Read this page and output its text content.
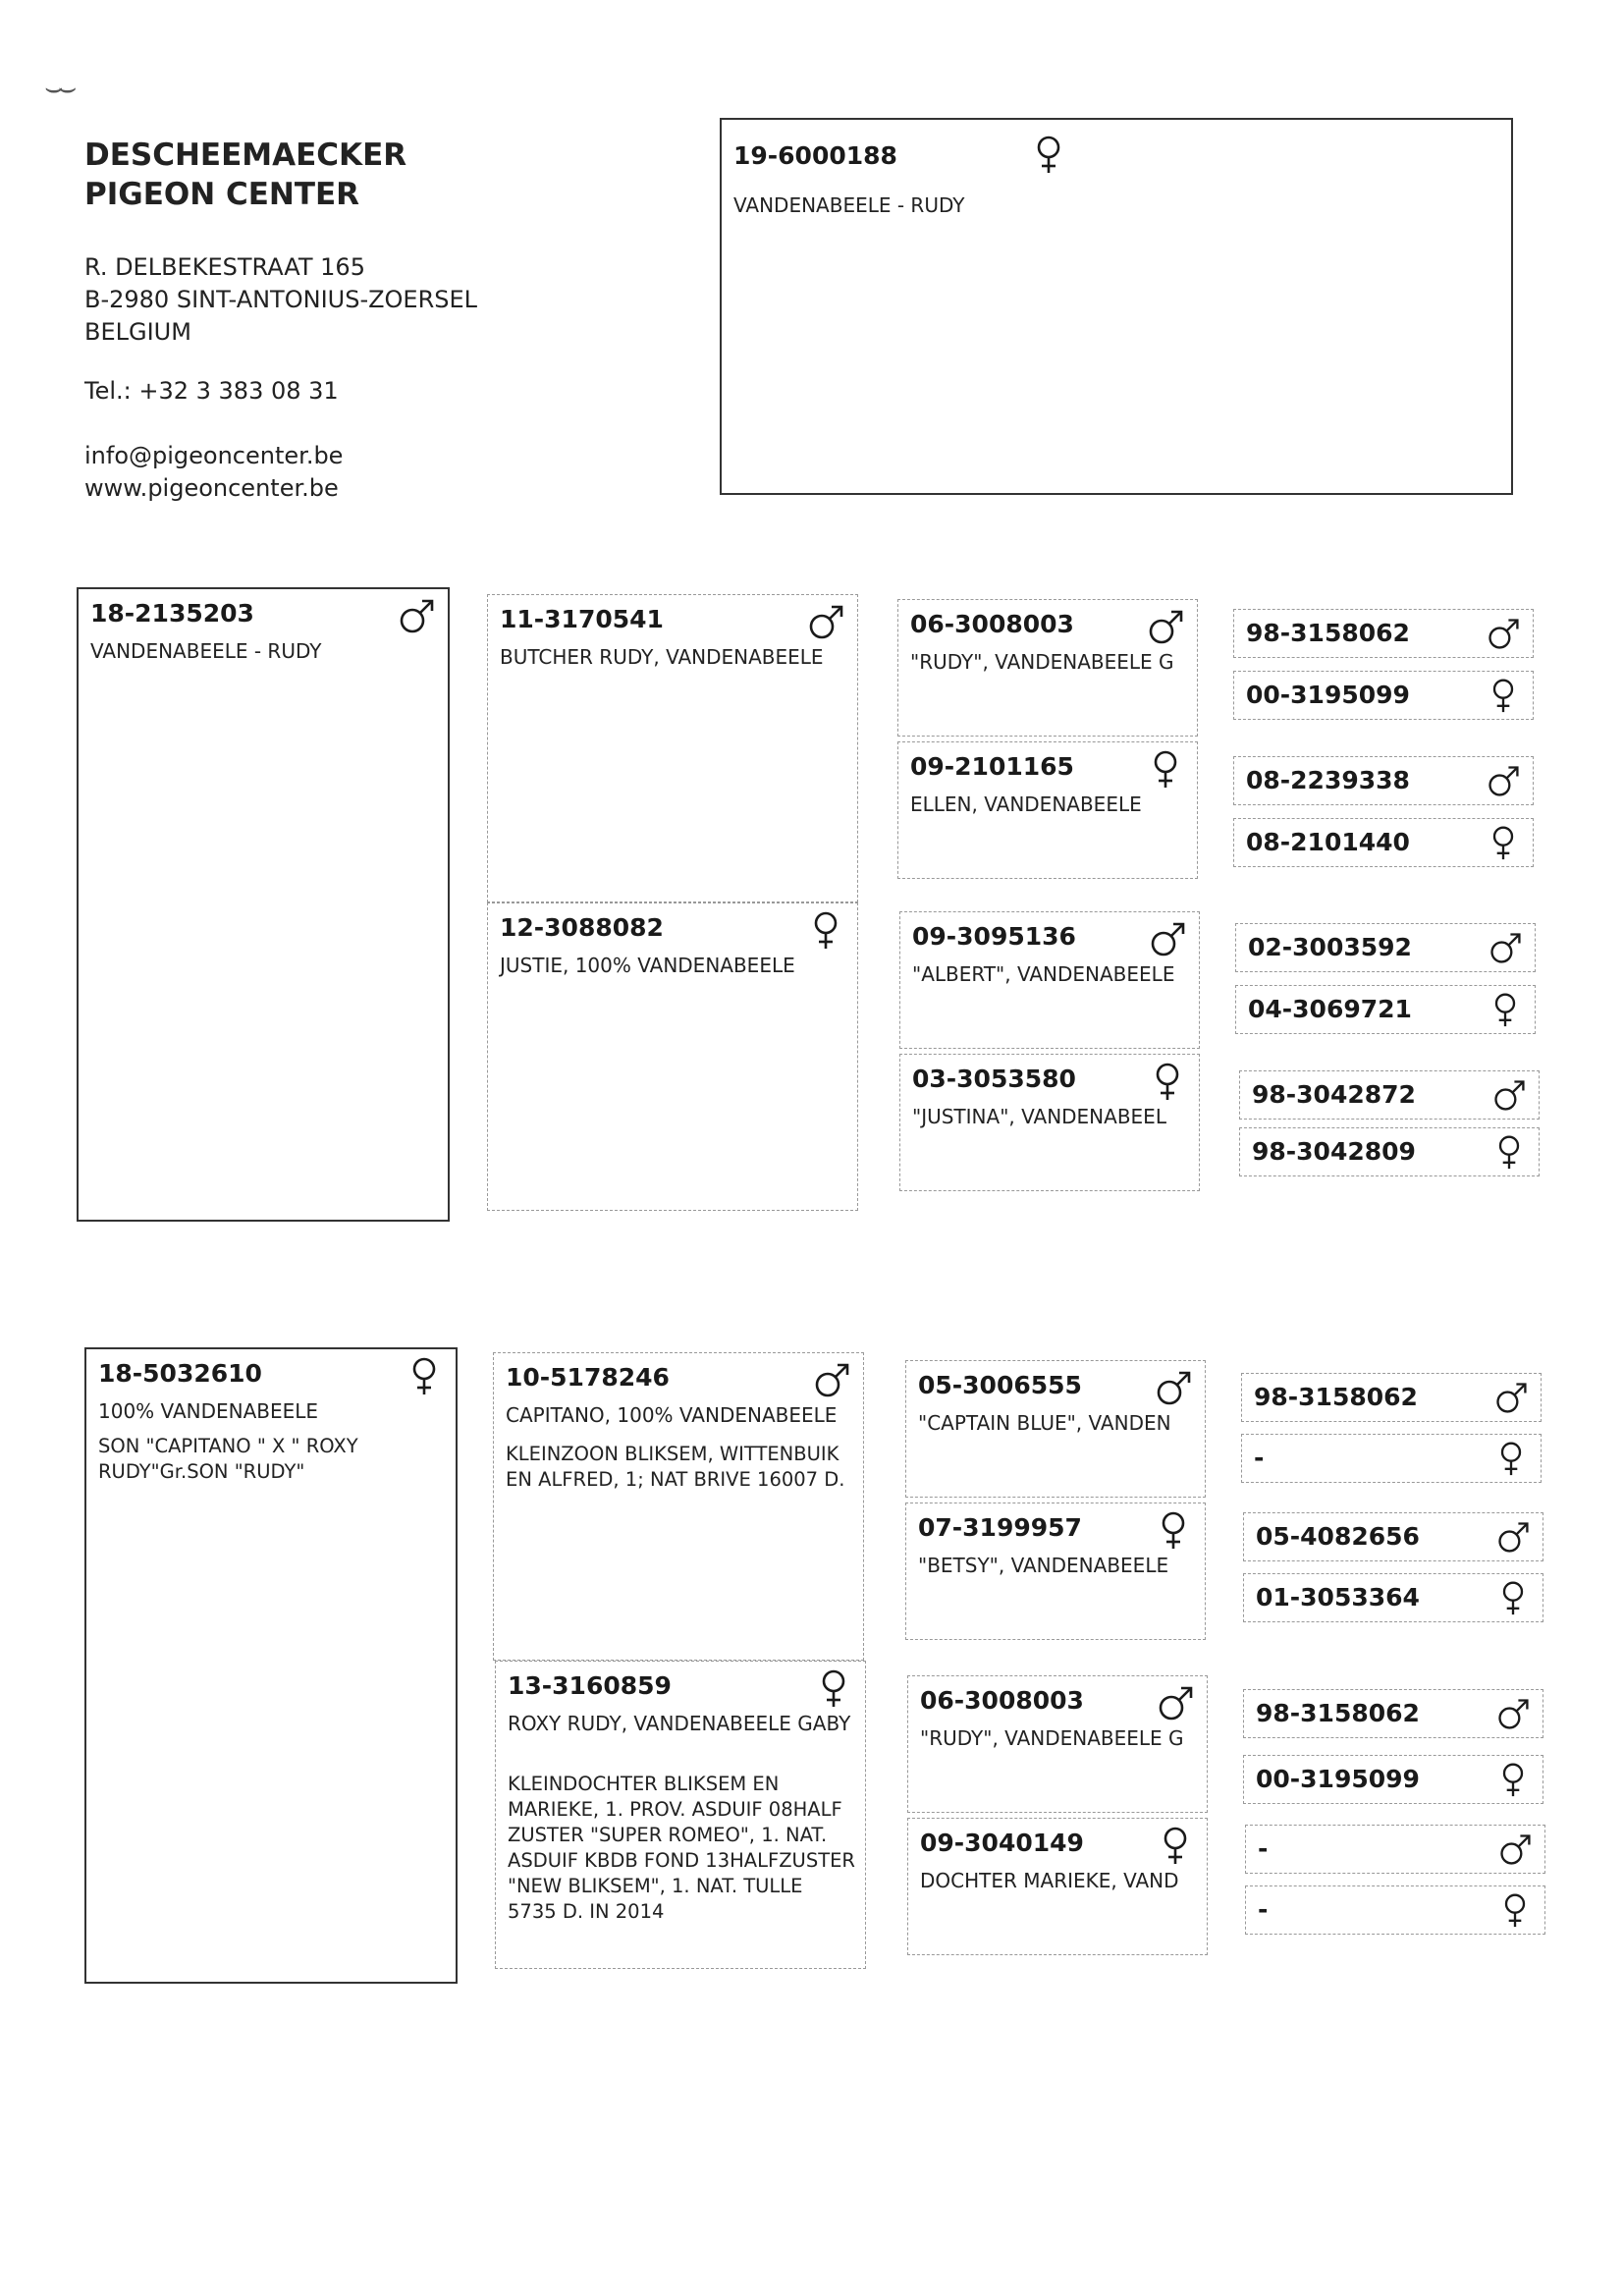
⌣⌣
DESCHEEMAECKER
PIGEON CENTER
R. DELBEKESTRAAT 165
B-2980 SINT-ANTONIUS-ZOERSEL
BELGIUM
Tel.: +32 3 383 08 31
info@pigeoncenter.be
www.pigeoncenter.be
19-6000188
VANDENABEELE - RUDY
18-2135203
VANDENABEELE - RUDY
11-3170541
BUTCHER RUDY, VANDENABEELE
12-3088082
JUSTIE, 100% VANDENABEELE
06-3008003
"RUDY", VANDENABEELE G
09-2101165
ELLEN, VANDENABEELE
09-3095136
"ALBERT", VANDENABEELE
03-3053580
"JUSTINA", VANDENABEEL
98-3158062
00-3195099
08-2239338
08-2101440
02-3003592
04-3069721
98-3042872
98-3042809
18-5032610
100% VANDENABEELE
SON "CAPITANO " X " ROXY RUDY"Gr.SON "RUDY"
10-5178246
CAPITANO, 100% VANDENABEELE
KLEINZOON BLIKSEM, WITTENBUIK EN ALFRED, 1; NAT BRIVE 16007 D.
13-3160859
ROXY RUDY, VANDENABEELE GABY
KLEINDOCHTER BLIKSEM EN MARIEKE, 1. PROV. ASDUIF 08HALF ZUSTER "SUPER ROMEO", 1. NAT. ASDUIF KBDB FOND 13HALFZUSTER "NEW BLIKSEM", 1. NAT. TULLE 5735 D. IN 2014
05-3006555
"CAPTAIN BLUE", VANDEN
07-3199957
"BETSY", VANDENABEELE
06-3008003
"RUDY", VANDENABEELE G
09-3040149
DOCHTER MARIEKE, VAND
98-3158062
-
05-4082656
01-3053364
98-3158062
00-3195099
-
-
